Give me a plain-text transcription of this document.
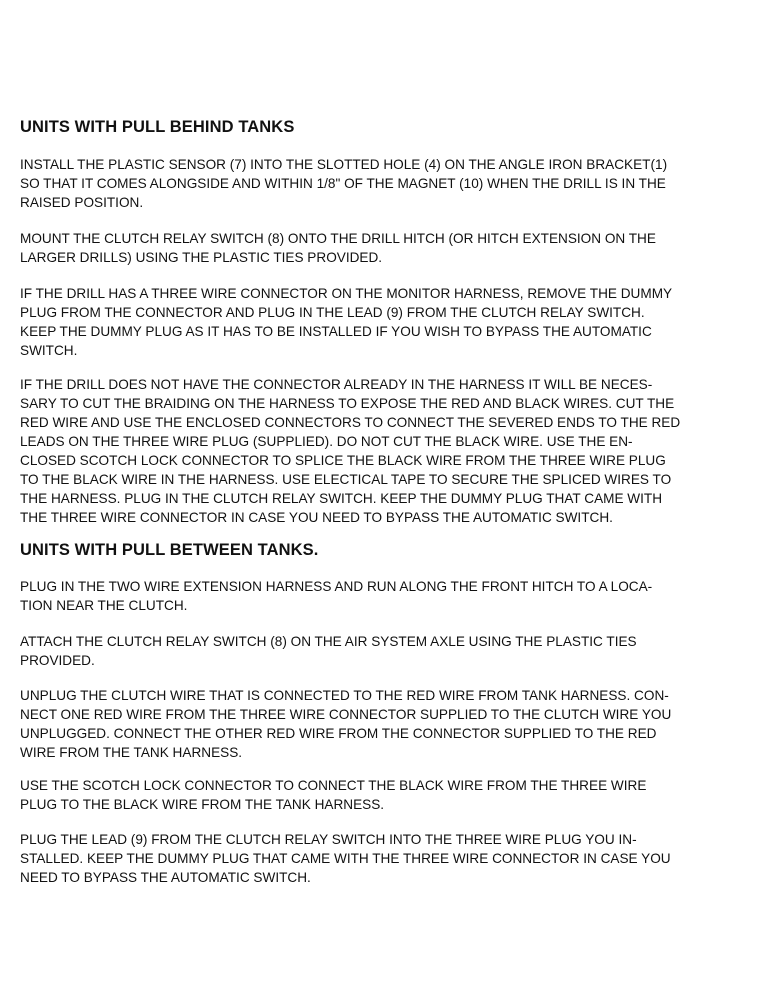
UNITS WITH PULL BEHIND TANKS

INSTALL THE PLASTIC SENSOR (7) INTO THE SLOTTED HOLE (4) ON THE ANGLE IRON BRACKET(1)
SO THAT IT COMES ALONGSIDE AND WITHIN 1/8" OF THE MAGNET (10) WHEN THE DRILL IS IN THE
RAISED POSITION.

MOUNT THE CLUTCH RELAY SWITCH (8) ONTO THE DRILL HITCH (OR HITCH EXTENSION ON THE
LARGER DRILLS) USING THE PLASTIC TIES PROVIDED.

IF THE DRILL HAS A THREE WIRE CONNECTOR ON THE MONITOR HARNESS, REMOVE THE DUMMY
PLUG FROM THE CONNECTOR AND PLUG IN THE LEAD (9) FROM THE CLUTCH RELAY SWITCH.
KEEP THE DUMMY PLUG AS IT HAS TO BE INSTALLED IF YOU WISH TO BYPASS THE AUTOMATIC
SWITCH.

IF THE DRILL DOES NOT HAVE THE CONNECTOR ALREADY IN THE HARNESS IT WILL BE NECES-
SARY TO CUT THE BRAIDING ON THE HARNESS TO EXPOSE THE RED AND BLACK WIRES. CUT THE
RED WIRE AND USE THE ENCLOSED CONNECTORS TO CONNECT THE SEVERED ENDS TO THE RED
LEADS ON THE THREE WIRE PLUG (SUPPLIED). DO NOT CUT THE BLACK WIRE. USE THE EN-
CLOSED SCOTCH LOCK CONNECTOR TO SPLICE THE BLACK WIRE FROM THE THREE WIRE PLUG
TO THE BLACK WIRE IN THE HARNESS. USE ELECTICAL TAPE TO SECURE THE SPLICED WIRES TO
THE HARNESS. PLUG IN THE CLUTCH RELAY SWITCH. KEEP THE DUMMY PLUG THAT CAME WITH
THE THREE WIRE CONNECTOR IN CASE YOU NEED TO BYPASS THE AUTOMATIC SWITCH.

UNITS WITH PULL BETWEEN TANKS.

PLUG IN THE TWO WIRE EXTENSION HARNESS AND RUN ALONG THE FRONT HITCH TO A LOCA-
TION NEAR THE CLUTCH.

ATTACH THE CLUTCH RELAY SWITCH (8) ON THE AIR SYSTEM AXLE USING THE PLASTIC TIES
PROVIDED.

UNPLUG THE CLUTCH WIRE THAT IS CONNECTED TO THE RED WIRE FROM TANK HARNESS. CON-
NECT ONE RED WIRE FROM THE THREE WIRE CONNECTOR SUPPLIED TO THE CLUTCH WIRE YOU
UNPLUGGED. CONNECT THE OTHER RED WIRE FROM THE CONNECTOR SUPPLIED TO THE RED
WIRE FROM THE TANK HARNESS.

USE THE SCOTCH LOCK CONNECTOR TO CONNECT THE BLACK WIRE FROM THE THREE WIRE
PLUG TO THE BLACK WIRE FROM THE TANK HARNESS.

PLUG THE LEAD (9) FROM THE CLUTCH RELAY SWITCH INTO THE THREE WIRE PLUG YOU IN-
STALLED. KEEP THE DUMMY PLUG THAT CAME WITH THE THREE WIRE CONNECTOR IN CASE YOU
NEED TO BYPASS THE AUTOMATIC SWITCH.
